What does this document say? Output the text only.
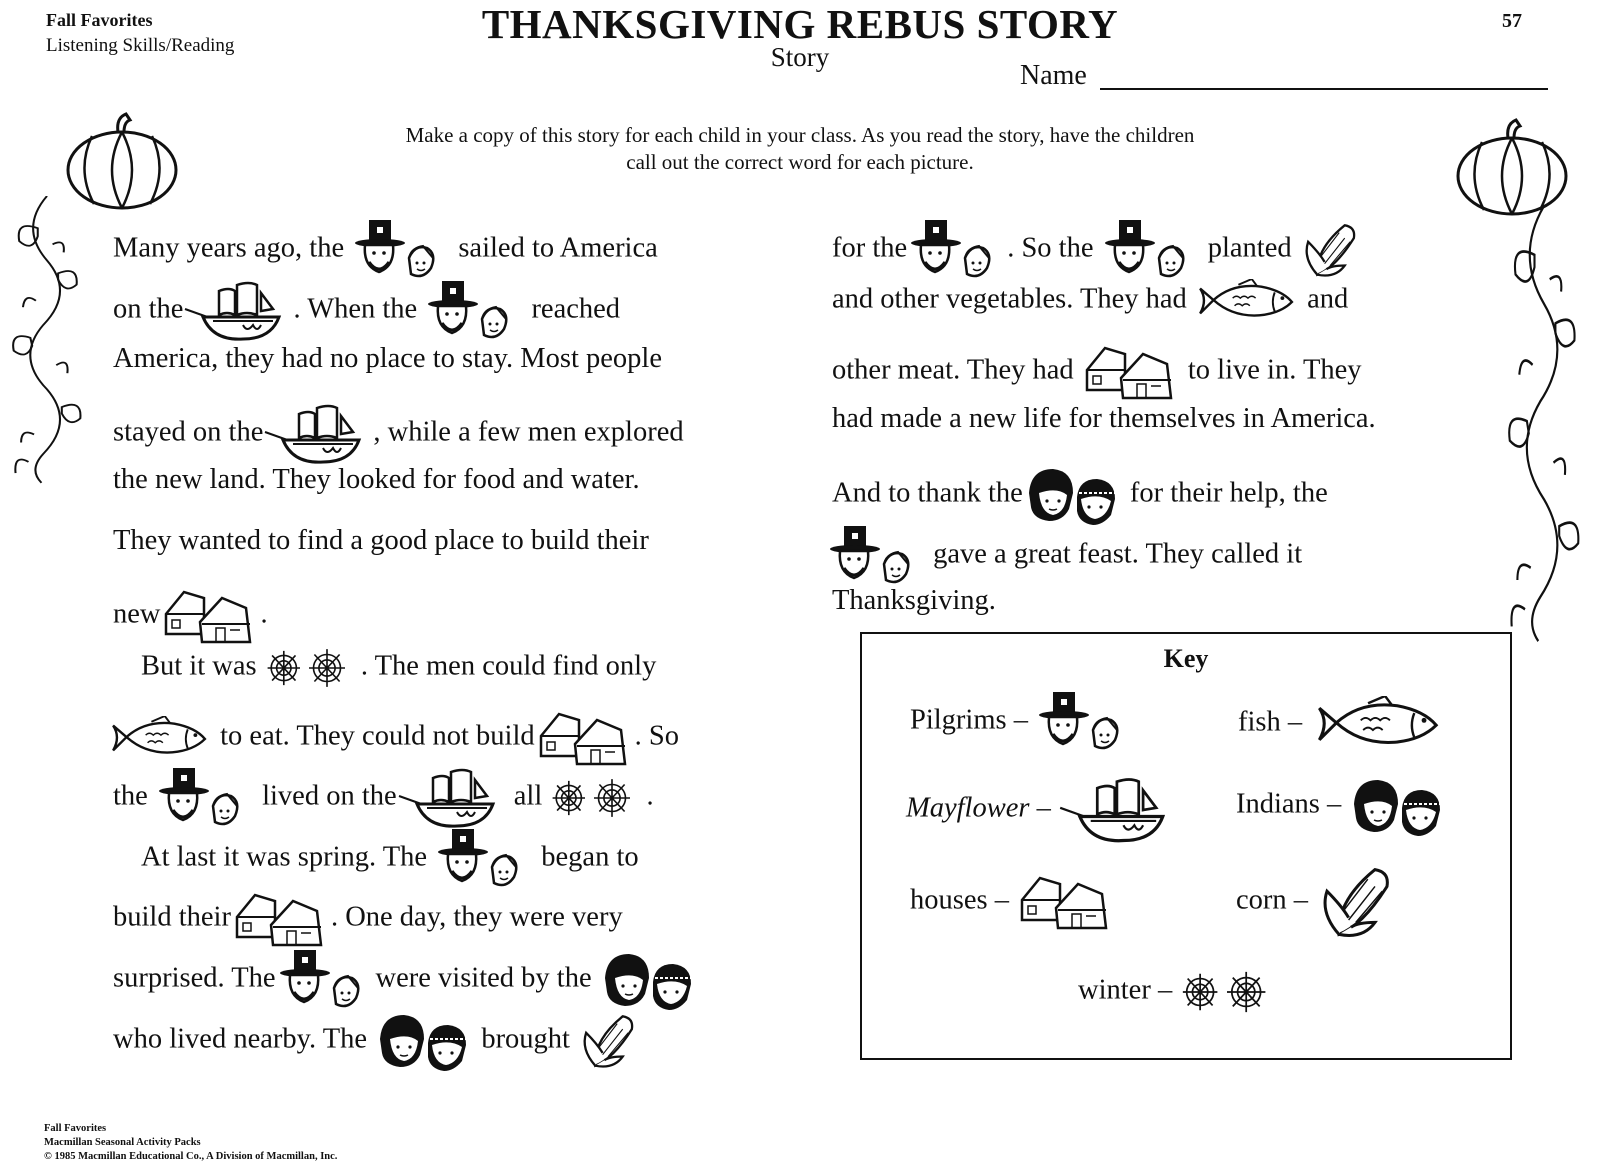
Fall Favorites
Listening Skills/Reading	THANKSGIVING REBUS STORY
Story
57
Name
Make a copy of this story for each child in your class. As you read the story, have the children
call out the correct word for each picture.
Many years ago, the	sailed to America
on the	. When the	reached
America, they had no place to stay. Most people
stayed on the	, while a few men explored
the new land. They looked for food and water.
They wanted to find a good place to build their
new	.
But it was	. The men could find only
to eat. They could not build	. So
the	lived on the	all	.
At last it was spring. The	began to
build their	. One day, they were very
surprised. The	were visited by the
who lived nearby. The	brought
for the	. So the	planted
and other vegetables. They had	and
other meat. They had	to live in. They
had made a new life for themselves in America.
And to thank the	for their help, the
gave a great feast. They called it
Thanksgiving.
Key
Pilgrims –	fish –
Mayflower –	Indians –
houses –	corn –
winter –
Fall Favorites
Macmillan Seasonal Activity Packs
© 1985 Macmillan Educational Co., A Division of Macmillan, Inc.
